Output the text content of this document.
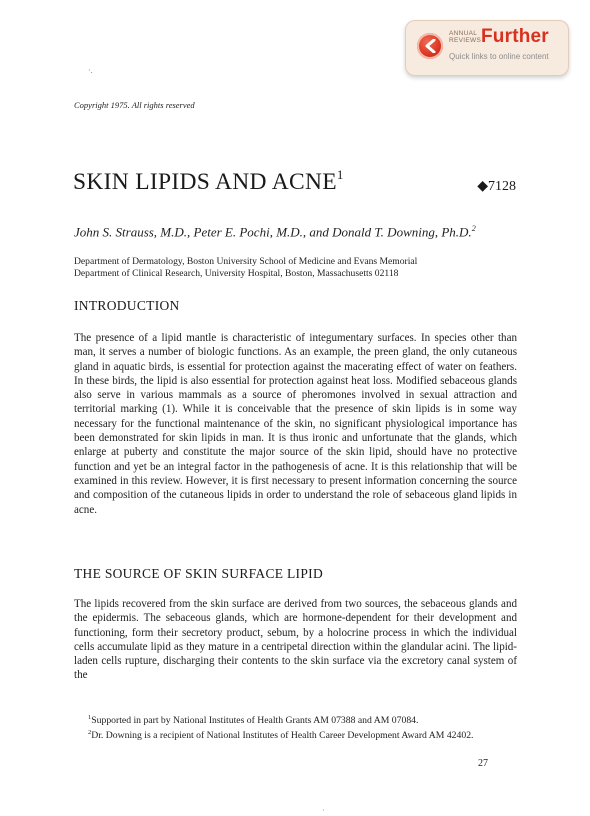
ANNUAL
REVIEWS Further
Quick links to online content
·.
Copyright 1975. All rights reserved
SKIN LIPIDS AND ACNE$^1$
◆7128
John S. Strauss, M.D., Peter E. Pochi, M.D., and Donald T. Downing, Ph.D.$^2$
Department of Dermatology, Boston University School of Medicine and Evans Memorial
Department of Clinical Research, University Hospital, Boston, Massachusetts 02118
INTRODUCTION
The presence of a lipid mantle is characteristic of integumentary surfaces. In species other than man, it serves a number of biologic functions. As an example, the preen gland, the only cutaneous gland in aquatic birds, is essential for protection against the macerating effect of water on feathers. In these birds, the lipid is also essential for protection against heat loss. Modified sebaceous glands also serve in various mammals as a source of pheromones involved in sexual attraction and territorial marking (1). While it is conceivable that the presence of skin lipids is in some way necessary for the functional maintenance of the skin, no significant physiological importance has been demonstrated for skin lipids in man. It is thus ironic and unfortunate that the glands, which enlarge at puberty and constitute the major source of the skin lipid, should have no protective function and yet be an integral factor in the pathogenesis of acne. It is this relationship that will be examined in this review. However, it is first necessary to present information concerning the source and composition of the cutaneous lipids in order to understand the role of sebaceous gland lipids in acne.
THE SOURCE OF SKIN SURFACE LIPID
The lipids recovered from the skin surface are derived from two sources, the sebaceous glands and the epidermis. The sebaceous glands, which are hormone-dependent for their development and functioning, form their secretory product, sebum, by a holocrine process in which the individual cells accumulate lipid as they mature in a centripetal direction within the glandular acini. The lipid-laden cells rupture, discharging their contents to the skin surface via the excretory canal system of the
$^1$Supported in part by National Institutes of Health Grants AM 07388 and AM 07084.
$^2$Dr. Downing is a recipient of National Institutes of Health Career Development Award AM 42402.
27
·
